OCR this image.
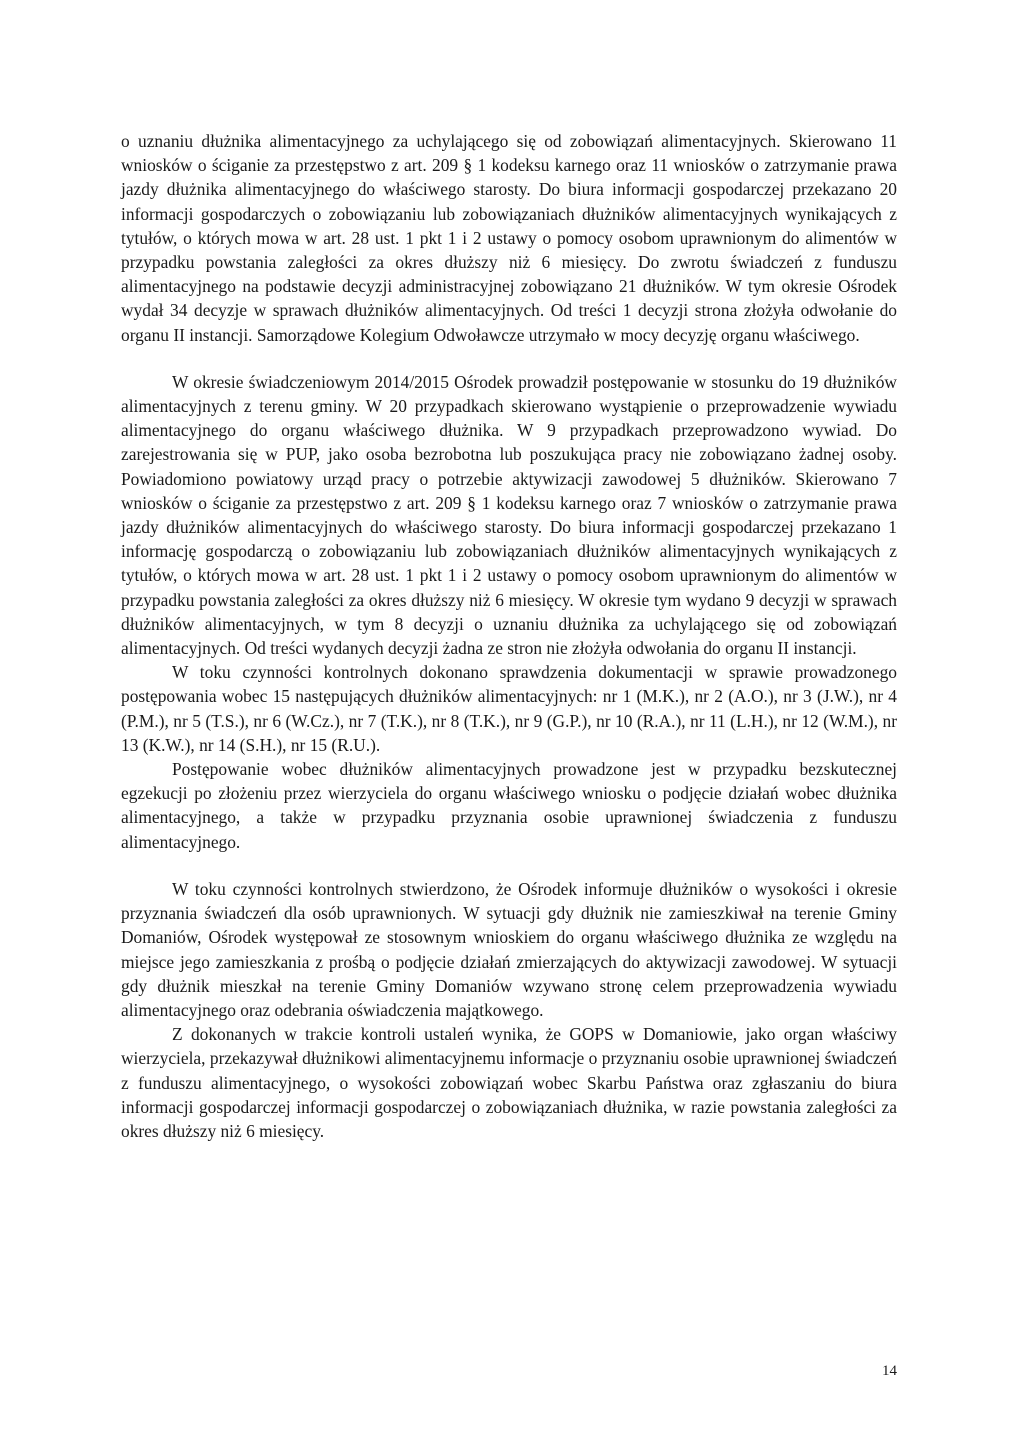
o uznaniu dłużnika alimentacyjnego za uchylającego się od zobowiązań alimentacyjnych. Skierowano 11 wniosków o ściganie za przestępstwo z art. 209 § 1 kodeksu karnego oraz 11 wniosków o zatrzymanie prawa jazdy dłużnika alimentacyjnego do właściwego starosty. Do biura informacji gospodarczej przekazano 20 informacji gospodarczych o zobowiązaniu lub zobowiązaniach dłużników alimentacyjnych wynikających z tytułów, o których mowa w art. 28 ust. 1 pkt 1 i 2 ustawy o pomocy osobom uprawnionym do alimentów w przypadku powstania zaległości za okres dłuższy niż 6 miesięcy. Do zwrotu świadczeń z funduszu alimentacyjnego na podstawie decyzji administracyjnej zobowiązano 21 dłużników. W tym okresie Ośrodek wydał 34 decyzje w sprawach dłużników alimentacyjnych. Od treści 1 decyzji strona złożyła odwołanie do organu II instancji. Samorządowe Kolegium Odwoławcze utrzymało w mocy decyzję organu właściwego.

W okresie świadczeniowym 2014/2015 Ośrodek prowadził postępowanie w stosunku do 19 dłużników alimentacyjnych z terenu gminy. W 20 przypadkach skierowano wystąpienie o przeprowadzenie wywiadu alimentacyjnego do organu właściwego dłużnika. W 9 przypadkach przeprowadzono wywiad. Do zarejestrowania się w PUP, jako osoba bezrobotna lub poszukująca pracy nie zobowiązano żadnej osoby. Powiadomiono powiatowy urząd pracy o potrzebie aktywizacji zawodowej 5 dłużników. Skierowano 7 wniosków o ściganie za przestępstwo z art. 209 § 1 kodeksu karnego oraz 7 wniosków o zatrzymanie prawa jazdy dłużników alimentacyjnych do właściwego starosty. Do biura informacji gospodarczej przekazano 1 informację gospodarczą o zobowiązaniu lub zobowiązaniach dłużników alimentacyjnych wynikających z tytułów, o których mowa w art. 28 ust. 1 pkt 1 i 2 ustawy o pomocy osobom uprawnionym do alimentów w przypadku powstania zaległości za okres dłuższy niż 6 miesięcy. W okresie tym wydano 9 decyzji w sprawach dłużników alimentacyjnych, w tym 8 decyzji o uznaniu dłużnika za uchylającego się od zobowiązań alimentacyjnych. Od treści wydanych decyzji żadna ze stron nie złożyła odwołania do organu II instancji.

W toku czynności kontrolnych dokonano sprawdzenia dokumentacji w sprawie prowadzonego postępowania wobec 15 następujących dłużników alimentacyjnych: nr 1 (M.K.), nr 2 (A.O.), nr 3 (J.W.), nr 4 (P.M.), nr 5 (T.S.), nr 6 (W.Cz.), nr 7 (T.K.), nr 8 (T.K.), nr 9 (G.P.), nr 10 (R.A.), nr 11 (L.H.), nr 12 (W.M.), nr 13 (K.W.), nr 14 (S.H.), nr 15 (R.U.).

Postępowanie wobec dłużników alimentacyjnych prowadzone jest w przypadku bezskutecznej egzekucji po złożeniu przez wierzyciela do organu właściwego wniosku o podjęcie działań wobec dłużnika alimentacyjnego, a także w przypadku przyznania osobie uprawnionej świadczenia z funduszu alimentacyjnego.

W toku czynności kontrolnych stwierdzono, że Ośrodek informuje dłużników o wysokości i okresie przyznania świadczeń dla osób uprawnionych. W sytuacji gdy dłużnik nie zamieszkiwał na terenie Gminy Domaniów, Ośrodek występował ze stosownym wnioskiem do organu właściwego dłużnika ze względu na miejsce jego zamieszkania z prośbą o podjęcie działań zmierzających do aktywizacji zawodowej. W sytuacji gdy dłużnik mieszkał na terenie Gminy Domaniów wzywano stronę celem przeprowadzenia wywiadu alimentacyjnego oraz odebrania oświadczenia majątkowego.

Z dokonanych w trakcie kontroli ustaleń wynika, że GOPS w Domaniowie, jako organ właściwy wierzyciela, przekazywał dłużnikowi alimentacyjnemu informacje o przyznaniu osobie uprawnionej świadczeń z funduszu alimentacyjnego, o wysokości zobowiązań wobec Skarbu Państwa oraz zgłaszaniu do biura informacji gospodarczej informacji gospodarczej o zobowiązaniach dłużnika, w razie powstania zaległości za okres dłuższy niż 6 miesięcy.

14
